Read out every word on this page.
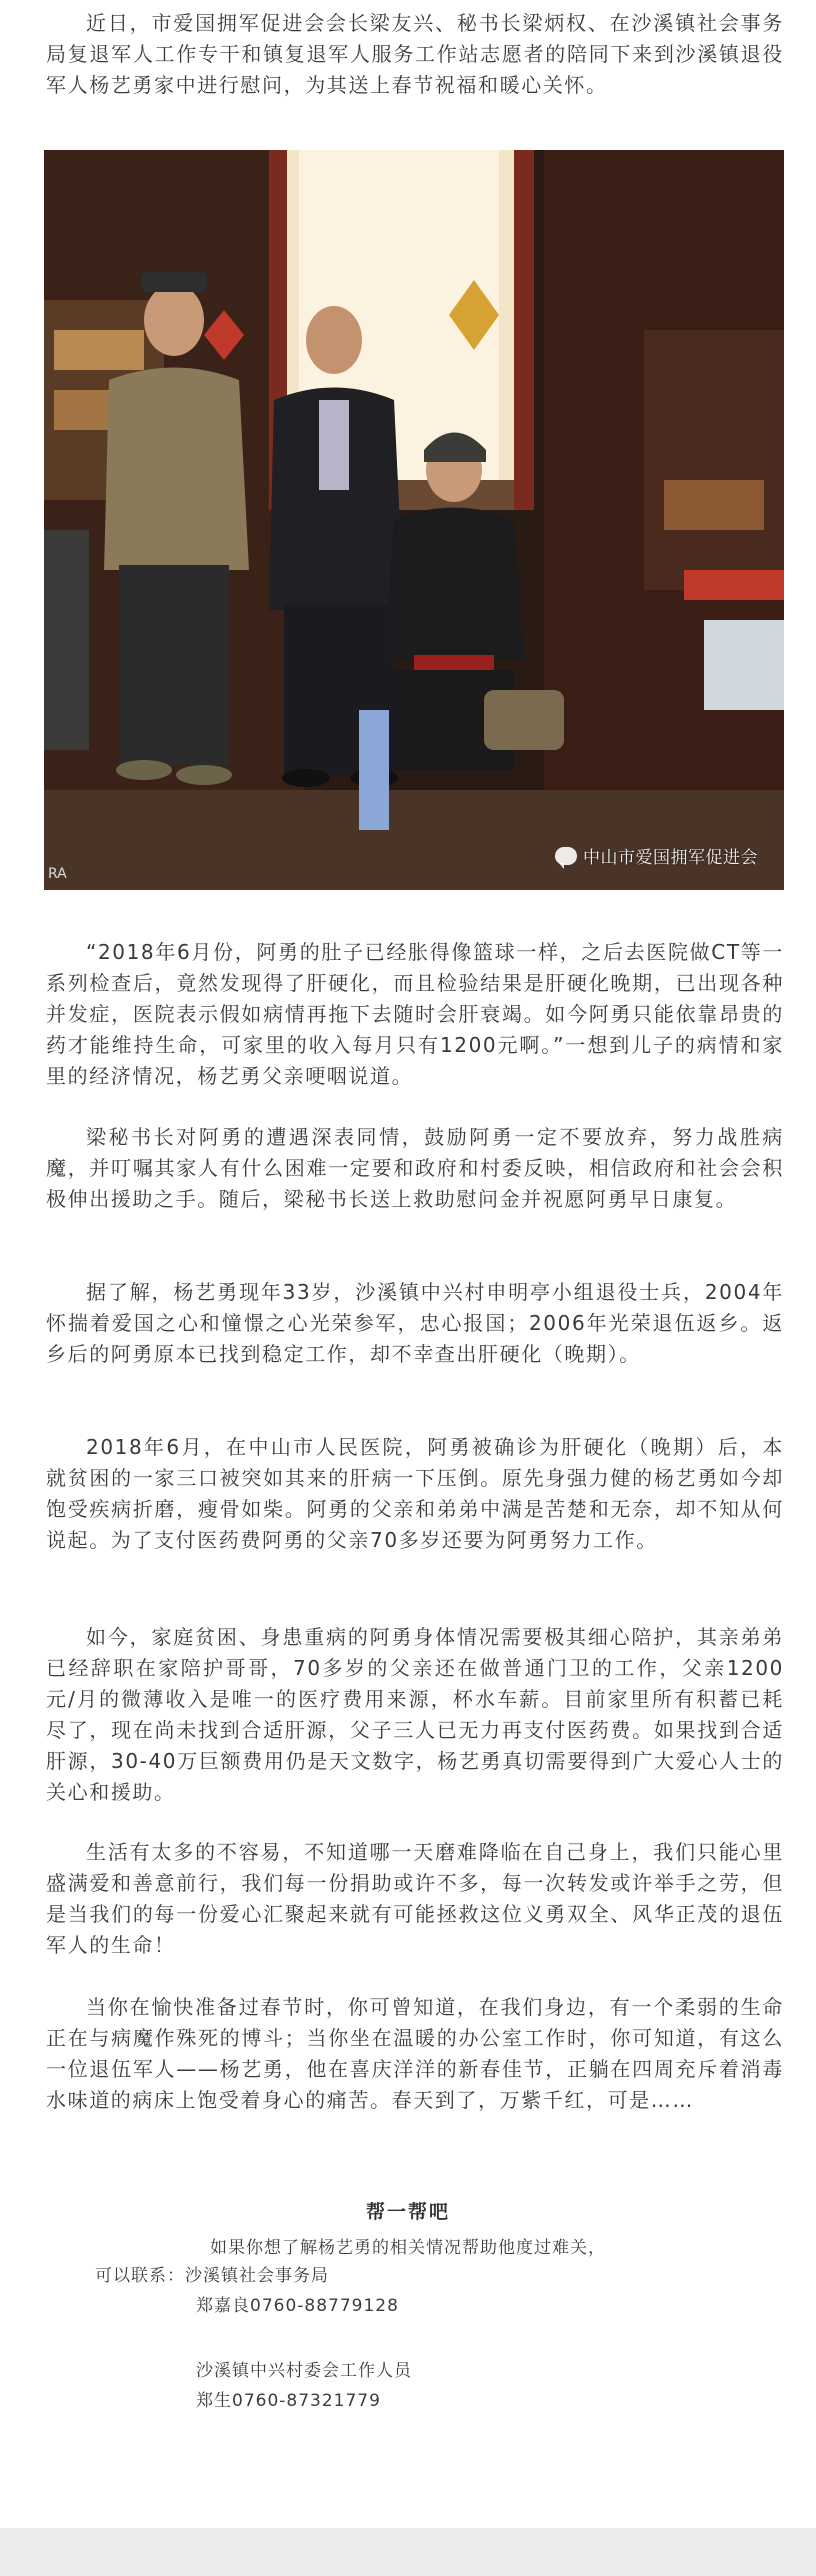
近日，市爱国拥军促进会会长梁友兴、秘书长梁炳权、在沙溪镇社会事务局复退军人工作专干和镇复退军人服务工作站志愿者的陪同下来到沙溪镇退役军人杨艺勇家中进行慰问，为其送上春节祝福和暖心关怀。

RA
中山市爱国拥军促进会

“2018年6月份，阿勇的肚子已经胀得像篮球一样，之后去医院做CT等一系列检查后，竟然发现得了肝硬化，而且检验结果是肝硬化晚期，已出现各种并发症，医院表示假如病情再拖下去随时会肝衰竭。如今阿勇只能依靠昂贵的药才能维持生命，可家里的收入每月只有1200元啊。”一想到儿子的病情和家里的经济情况，杨艺勇父亲哽咽说道。

梁秘书长对阿勇的遭遇深表同情，鼓励阿勇一定不要放弃，努力战胜病魔，并叮嘱其家人有什么困难一定要和政府和村委反映，相信政府和社会会积极伸出援助之手。随后，梁秘书长送上救助慰问金并祝愿阿勇早日康复。

据了解，杨艺勇现年33岁，沙溪镇中兴村申明亭小组退役士兵，2004年怀揣着爱国之心和憧憬之心光荣参军，忠心报国；2006年光荣退伍返乡。返乡后的阿勇原本已找到稳定工作，却不幸查出肝硬化（晚期）。

2018年6月，在中山市人民医院，阿勇被确诊为肝硬化（晚期）后，本就贫困的一家三口被突如其来的肝病一下压倒。原先身强力健的杨艺勇如今却饱受疾病折磨，瘦骨如柴。阿勇的父亲和弟弟中满是苦楚和无奈，却不知从何说起。为了支付医药费阿勇的父亲70多岁还要为阿勇努力工作。

如今，家庭贫困、身患重病的阿勇身体情况需要极其细心陪护，其亲弟弟已经辞职在家陪护哥哥，70多岁的父亲还在做普通门卫的工作，父亲1200元/月的微薄收入是唯一的医疗费用来源，杯水车薪。目前家里所有积蓄已耗尽了，现在尚未找到合适肝源，父子三人已无力再支付医药费。如果找到合适肝源，30-40万巨额费用仍是天文数字，杨艺勇真切需要得到广大爱心人士的关心和援助。

生活有太多的不容易，不知道哪一天磨难降临在自己身上，我们只能心里盛满爱和善意前行，我们每一份捐助或许不多，每一次转发或许举手之劳，但是当我们的每一份爱心汇聚起来就有可能拯救这位义勇双全、风华正茂的退伍军人的生命！

当你在愉快准备过春节时，你可曾知道，在我们身边，有一个柔弱的生命正在与病魔作殊死的博斗；当你坐在温暖的办公室工作时，你可知道，有这么一位退伍军人——杨艺勇，他在喜庆洋洋的新春佳节，正躺在四周充斥着消毒水味道的病床上饱受着身心的痛苦。春天到了，万紫千红，可是……

帮一帮吧

如果你想了解杨艺勇的相关情况帮助他度过难关，

可以联系：沙溪镇社会事务局

郑嘉良0760-88779128

沙溪镇中兴村委会工作人员

郑生0760-87321779
